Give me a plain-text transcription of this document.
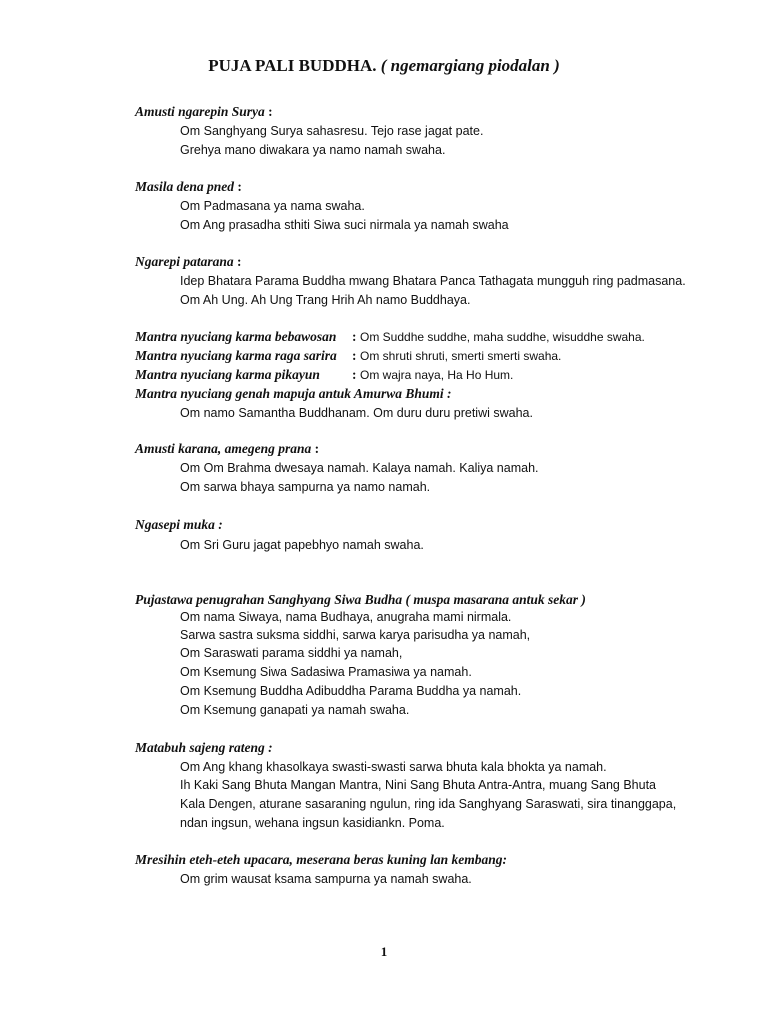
PUJA PALI BUDDHA. ( ngemargiang piodalan )
Amusti ngarepin Surya :
Om Sanghyang Surya sahasresu. Tejo rase jagat pate.
Grehya mano diwakara ya namo namah swaha.
Masila dena pned :
Om Padmasana ya nama swaha.
Om Ang prasadha sthiti Siwa suci nirmala ya namah swaha
Ngarepi patarana :
Idep Bhatara Parama Buddha mwang Bhatara Panca Tathagata mungguh ring padmasana.
Om Ah Ung. Ah Ung Trang Hrih Ah namo Buddhaya.
Mantra nyuciang karma bebawosan : Om Suddhe suddhe, maha suddhe, wisuddhe swaha.
Mantra nyuciang karma raga sarira : Om shruti shruti, smerti smerti swaha.
Mantra nyuciang karma pikayun : Om wajra naya, Ha Ho Hum.
Mantra nyuciang genah mapuja antuk Amurwa Bhumi :
Om namo Samantha Buddhanam. Om duru duru pretiwi swaha.
Amusti karana, amegeng prana :
Om Om Brahma dwesaya namah. Kalaya namah. Kaliya namah.
Om sarwa bhaya sampurna ya namo namah.
Ngasepi muka :
Om Sri Guru jagat papebhyo namah swaha.
Pujastawa penugrahan Sanghyang Siwa Budha ( muspa masarana antuk sekar )
Om nama Siwaya, nama Budhaya, anugraha mami nirmala.
Sarwa sastra suksma siddhi, sarwa karya parisudha ya namah,
Om Saraswati parama siddhi ya namah,
Om Ksemung Siwa Sadasiwa Pramasiwa ya namah.
Om Ksemung Buddha Adibuddha Parama Buddha ya namah.
Om Ksemung ganapati ya namah swaha.
Matabuh sajeng rateng :
Om Ang khang khasolkaya swasti-swasti sarwa bhuta kala bhokta ya namah.
Ih Kaki Sang Bhuta Mangan Mantra, Nini Sang Bhuta Antra-Antra, muang Sang Bhuta
Kala Dengen, aturane sasaraning ngulun, ring ida Sanghyang Saraswati, sira tinanggapa,
ndan ingsun, wehana ingsun kasidiankn. Poma.
Mresihin eteh-eteh upacara, meserana beras kuning lan kembang:
Om grim wausat ksama sampurna ya namah swaha.
1
